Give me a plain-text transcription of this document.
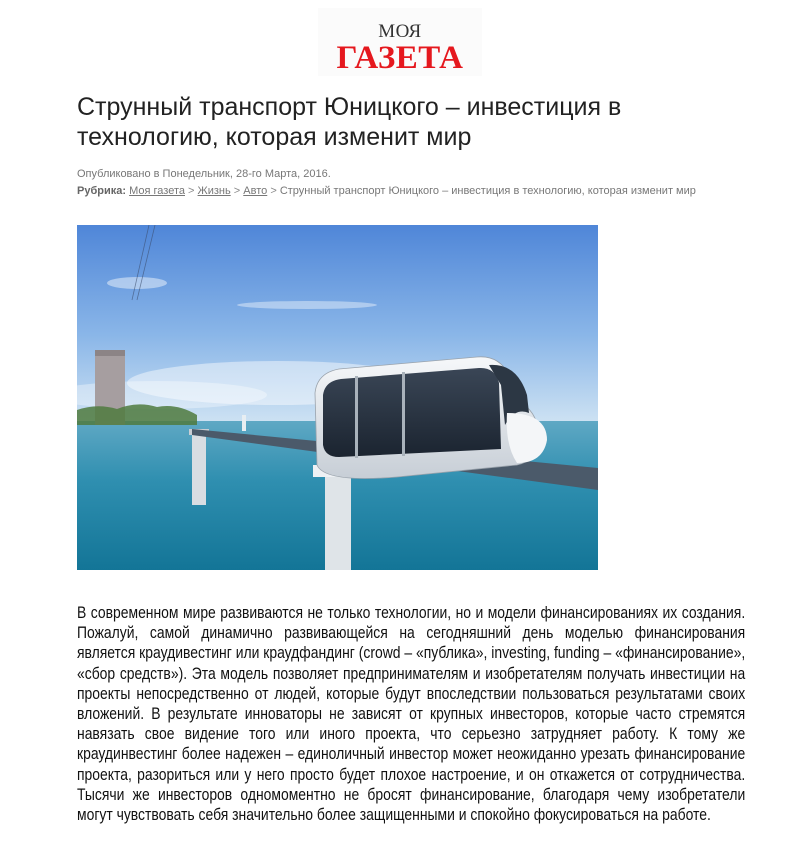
МОЯ
ГАЗЕТА
Струнный транспорт Юницкого – инвестиция в технологию, которая изменит мир
Опубликовано в Понедельник, 28-го Марта, 2016.
Рубрика: Моя газета > Жизнь > Авто > Струнный транспорт Юницкого – инвестиция в технологию, которая изменит мир

В современном мире развиваются не только технологии, но и модели финансированиях их создания. Пожалуй, самой динамично развивающейся на сегодняшний день моделью финансирования является краудивестинг или краудфандинг (crowd – «публика», investing, funding – «финансирование», «сбор средств»). Эта модель позволяет предпринимателям и изобретателям получать инвестиции на проекты непосредственно от людей, которые будут впоследствии пользоваться результатами своих вложений. В результате инноваторы не зависят от крупных инвесторов, которые часто стремятся навязать свое видение того или иного проекта, что серьезно затрудняет работу. К тому же краудинвестинг более надежен – единоличный инвестор может неожиданно урезать финансирование проекта, разориться или у него просто будет плохое настроение, и он откажется от сотрудничества. Тысячи же инвесторов одномоментно не бросят финансирование, благодаря чему изобретатели могут чувствовать себя значительно более защищенными и спокойно фокусироваться на работе.
